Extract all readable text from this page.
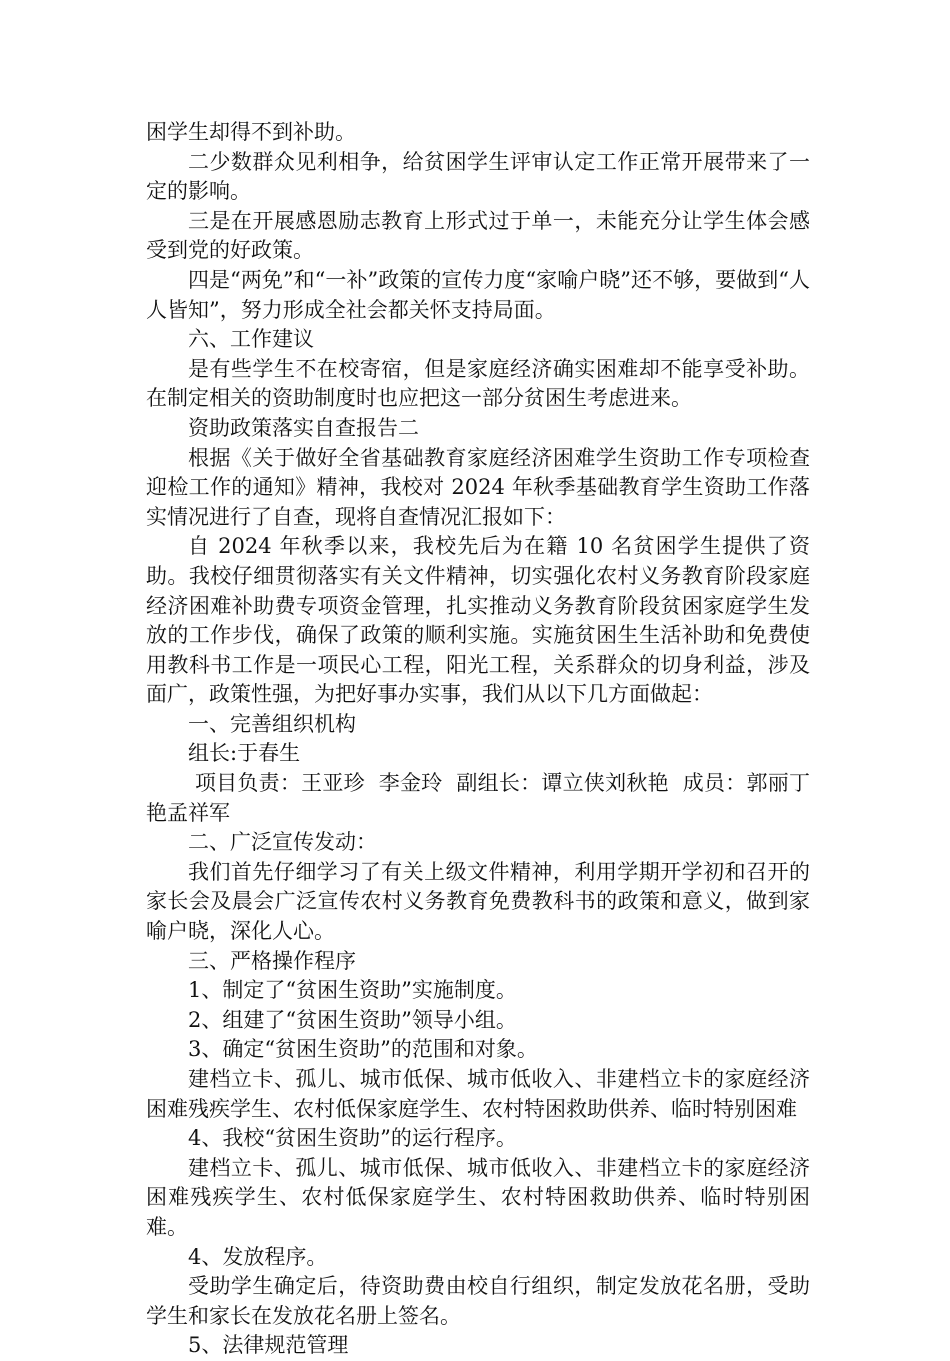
困学生却得不到补助。

二少数群众见利相争，给贫困学生评审认定工作正常开展带来了一定的影响。

三是在开展感恩励志教育上形式过于单一，未能充分让学生体会感受到党的好政策。

四是“两免”和“一补”政策的宣传力度“家喻户晓”还不够，要做到“人人皆知”，努力形成全社会都关怀支持局面。

六、工作建议

是有些学生不在校寄宿，但是家庭经济确实困难却不能享受补助。在制定相关的资助制度时也应把这一部分贫困生考虑进来。

资助政策落实自查报告二

根据《关于做好全省基础教育家庭经济困难学生资助工作专项检查迎检工作的通知》精神，我校对 2024 年秋季基础教育学生资助工作落实情况进行了自查，现将自查情况汇报如下：

自 2024 年秋季以来，我校先后为在籍 10 名贫困学生提供了资助。我校仔细贯彻落实有关文件精神，切实强化农村义务教育阶段家庭经济困难补助费专项资金管理，扎实推动义务教育阶段贫困家庭学生发放的工作步伐，确保了政策的顺利实施。实施贫困生生活补助和免费使用教科书工作是一项民心工程，阳光工程，关系群众的切身利益，涉及面广，政策性强，为把好事办实事，我们从以下几方面做起：

一、完善组织机构

组长:于春生

项目负责：王亚珍  李金玲  副组长：谭立侠刘秋艳  成员：郭丽丁艳孟祥军

二、广泛宣传发动：

我们首先仔细学习了有关上级文件精神，利用学期开学初和召开的家长会及晨会广泛宣传农村义务教育免费教科书的政策和意义，做到家喻户晓，深化人心。

三、严格操作程序

1、制定了“贫困生资助”实施制度。

2、组建了“贫困生资助”领导小组。

3、确定“贫困生资助”的范围和对象。

建档立卡、孤儿、城市低保、城市低收入、非建档立卡的家庭经济困难残疾学生、农村低保家庭学生、农村特困救助供养、临时特别困难

4、我校“贫困生资助”的运行程序。

建档立卡、孤儿、城市低保、城市低收入、非建档立卡的家庭经济困难残疾学生、农村低保家庭学生、农村特困救助供养、临时特别困难。

4、发放程序。

受助学生确定后，待资助费由校自行组织，制定发放花名册，受助学生和家长在发放花名册上签名。

5、法律规范管理
